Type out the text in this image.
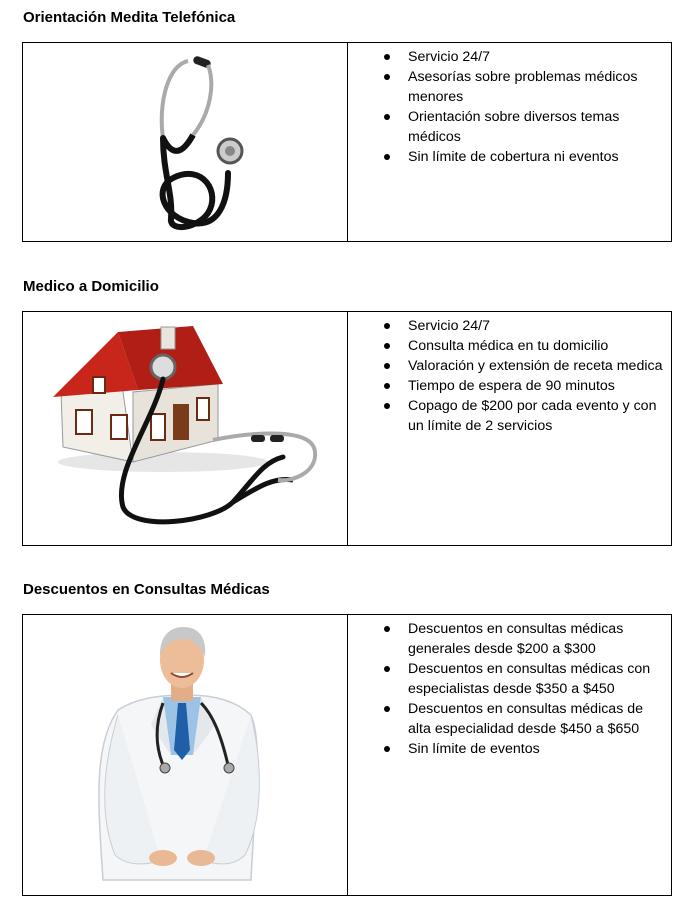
Orientación Medita Telefónica
Servicio 24/7
Asesorías sobre problemas médicos menores
Orientación sobre diversos temas médicos
Sin límite de cobertura ni eventos
Medico a Domicilio
Servicio 24/7
Consulta médica en tu domicilio
Valoración y extensión de receta medica
Tiempo de espera de 90 minutos
Copago de $200 por cada evento y con un límite de 2 servicios
Descuentos en Consultas Médicas
Descuentos en consultas médicas generales desde $200 a $300
Descuentos en consultas médicas con especialistas desde $350 a $450
Descuentos en consultas médicas de alta especialidad desde $450 a $650
Sin límite de eventos
